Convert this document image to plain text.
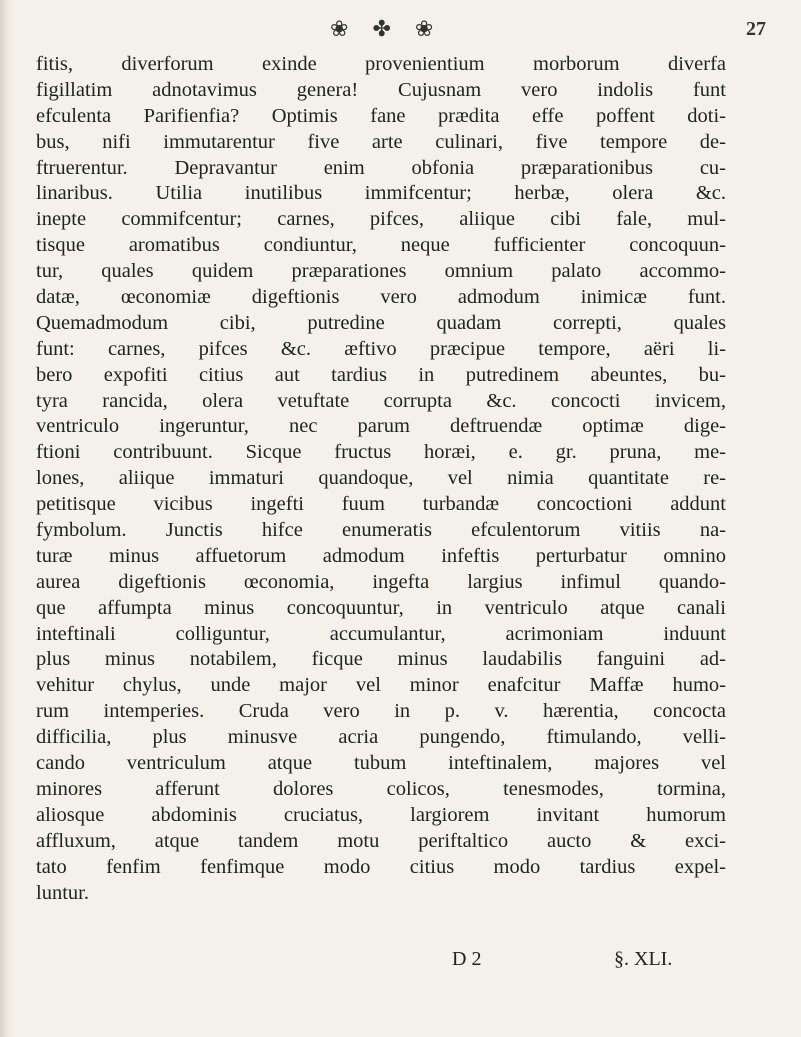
❀ ✤ ❀	27
fitis, diverforum exinde provenientium morborum diverfa
figillatim adnotavimus genera! Cujusnam vero indolis funt
efculenta Parifienfia? Optimis fane prædita effe poffent doti-
bus, nifi immutarentur five arte culinari, five tempore de-
ftruerentur. Depravantur enim obfonia præparationibus cu-
linaribus. Utilia inutilibus immifcentur; herbæ, olera &c.
inepte commifcentur; carnes, pifces, aliique cibi fale, mul-
tisque aromatibus condiuntur, neque fufficienter concoquun-
tur, quales quidem præparationes omnium palato accommo-
datæ, œconomiæ digeftionis vero admodum inimicæ funt.
Quemadmodum cibi, putredine quadam correpti, quales
funt: carnes, pifces &c. æftivo præcipue tempore, aëri li-
bero expofiti citius aut tardius in putredinem abeuntes, bu-
tyra rancida, olera vetuftate corrupta &c. concocti invicem,
ventriculo ingeruntur, nec parum deftruendæ optimæ dige-
ftioni contribuunt. Sicque fructus horæi, e. gr. pruna, me-
lones, aliique immaturi quandoque, vel nimia quantitate re-
petitisque vicibus ingefti fuum turbandæ concoctioni addunt
fymbolum. Junctis hifce enumeratis efculentorum vitiis na-
turæ minus affuetorum admodum infeftis perturbatur omnino
aurea digeftionis œconomia, ingefta largius infimul quando-
que affumpta minus concoquuntur, in ventriculo atque canali
inteftinali colliguntur, accumulantur, acrimoniam induunt
plus minus notabilem, ficque minus laudabilis fanguini ad-
vehitur chylus, unde major vel minor enafcitur Maffæ humo-
rum intemperies. Cruda vero in p. v. hærentia, concocta
difficilia, plus minusve acria pungendo, ftimulando, velli-
cando ventriculum atque tubum inteftinalem, majores vel
minores afferunt dolores colicos, tenesmodes, tormina,
aliosque abdominis cruciatus, largiorem invitant humorum
affluxum, atque tandem motu periftaltico aucto & exci-
tato fenfim fenfimque modo citius modo tardius expel-
luntur.
D 2	§. XLI.
